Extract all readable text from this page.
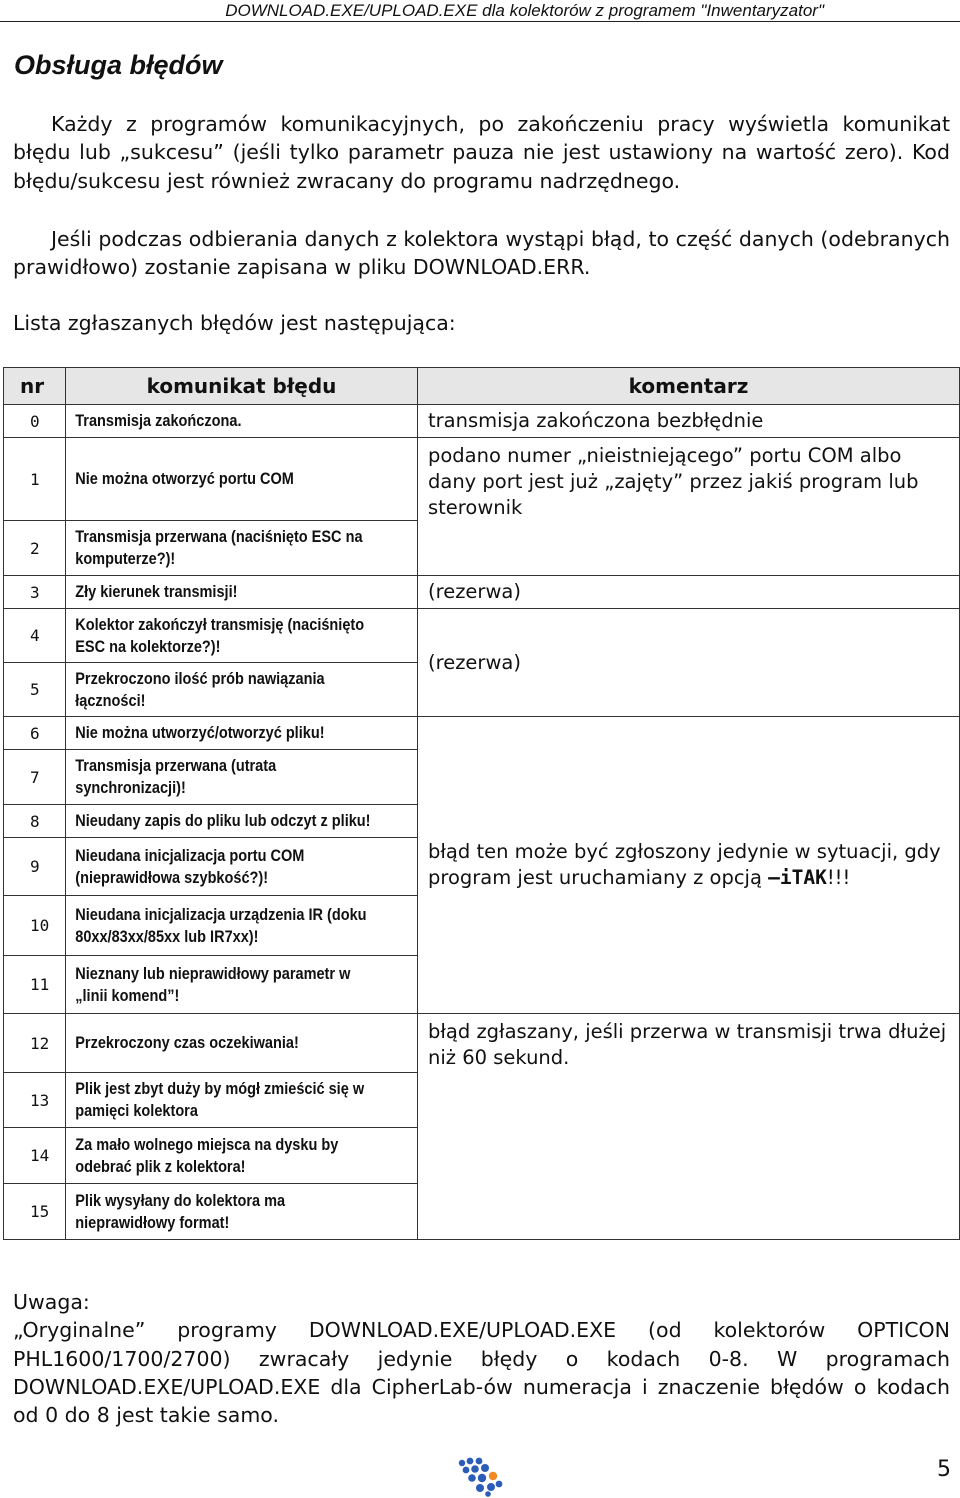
DOWNLOAD.EXE/UPLOAD.EXE dla kolektorów z programem "Inwentaryzator"
Obsługa błędów

Każdy z programów komunikacyjnych, po zakończeniu pracy wyświetla komunikat błędu lub „sukcesu” (jeśli tylko parametr pauza nie jest ustawiony na wartość zero). Kod błędu/sukcesu jest również zwracany do programu nadrzędnego.

Jeśli podczas odbierania danych z kolektora wystąpi błąd, to część danych (odebranych prawidłowo) zostanie zapisana w pliku DOWNLOAD.ERR.

Lista zgłaszanych błędów jest następująca:

nr	komunikat błędu	komentarz
0	Transmisja zakończona.	transmisja zakończona bezbłędnie
1	Nie można otworzyć portu COM	podano numer „nieistniejącego” portu COM albo dany port jest już „zajęty” przez jakiś program lub sterownik
2	Transmisja przerwana (naciśnięto ESC na komputerze?)!	
3	Zły kierunek transmisji!	(rezerwa)
4	Kolektor zakończył transmisję (naciśnięto ESC na kolektorze?)!	(rezerwa)
5	Przekroczono ilość prób nawiązania łączności!	
6	Nie można utworzyć/otworzyć pliku!	błąd ten może być zgłoszony jedynie w sytuacji, gdy program jest uruchamiany z opcją –iTAK!!!
7	Transmisja przerwana (utrata synchronizacji)!	
8	Nieudany zapis do pliku lub odczyt z pliku!	
9	Nieudana inicjalizacja portu COM (nieprawidłowa szybkość?)!	
10	Nieudana inicjalizacja urządzenia IR (doku 80xx/83xx/85xx lub IR7xx)!	
11	Nieznany lub nieprawidłowy parametr w „linii komend”!	
12	Przekroczony czas oczekiwania!	błąd zgłaszany, jeśli przerwa w transmisji trwa dłużej niż 60 sekund.
13	Plik jest zbyt duży by mógł zmieścić się w pamięci kolektora	
14	Za mało wolnego miejsca na dysku by odebrać plik z kolektora!	
15	Plik wysyłany do kolektora ma nieprawidłowy format!	
Uwaga:
„Oryginalne” programy DOWNLOAD.EXE/UPLOAD.EXE (od kolektorów OPTICON PHL1600/1700/2700) zwracały jedynie błędy o kodach 0-8. W programach DOWNLOAD.EXE/UPLOAD.EXE dla CipherLab-ów numeracja i znaczenie błędów o kodach od 0 do 8 jest takie samo.
5
